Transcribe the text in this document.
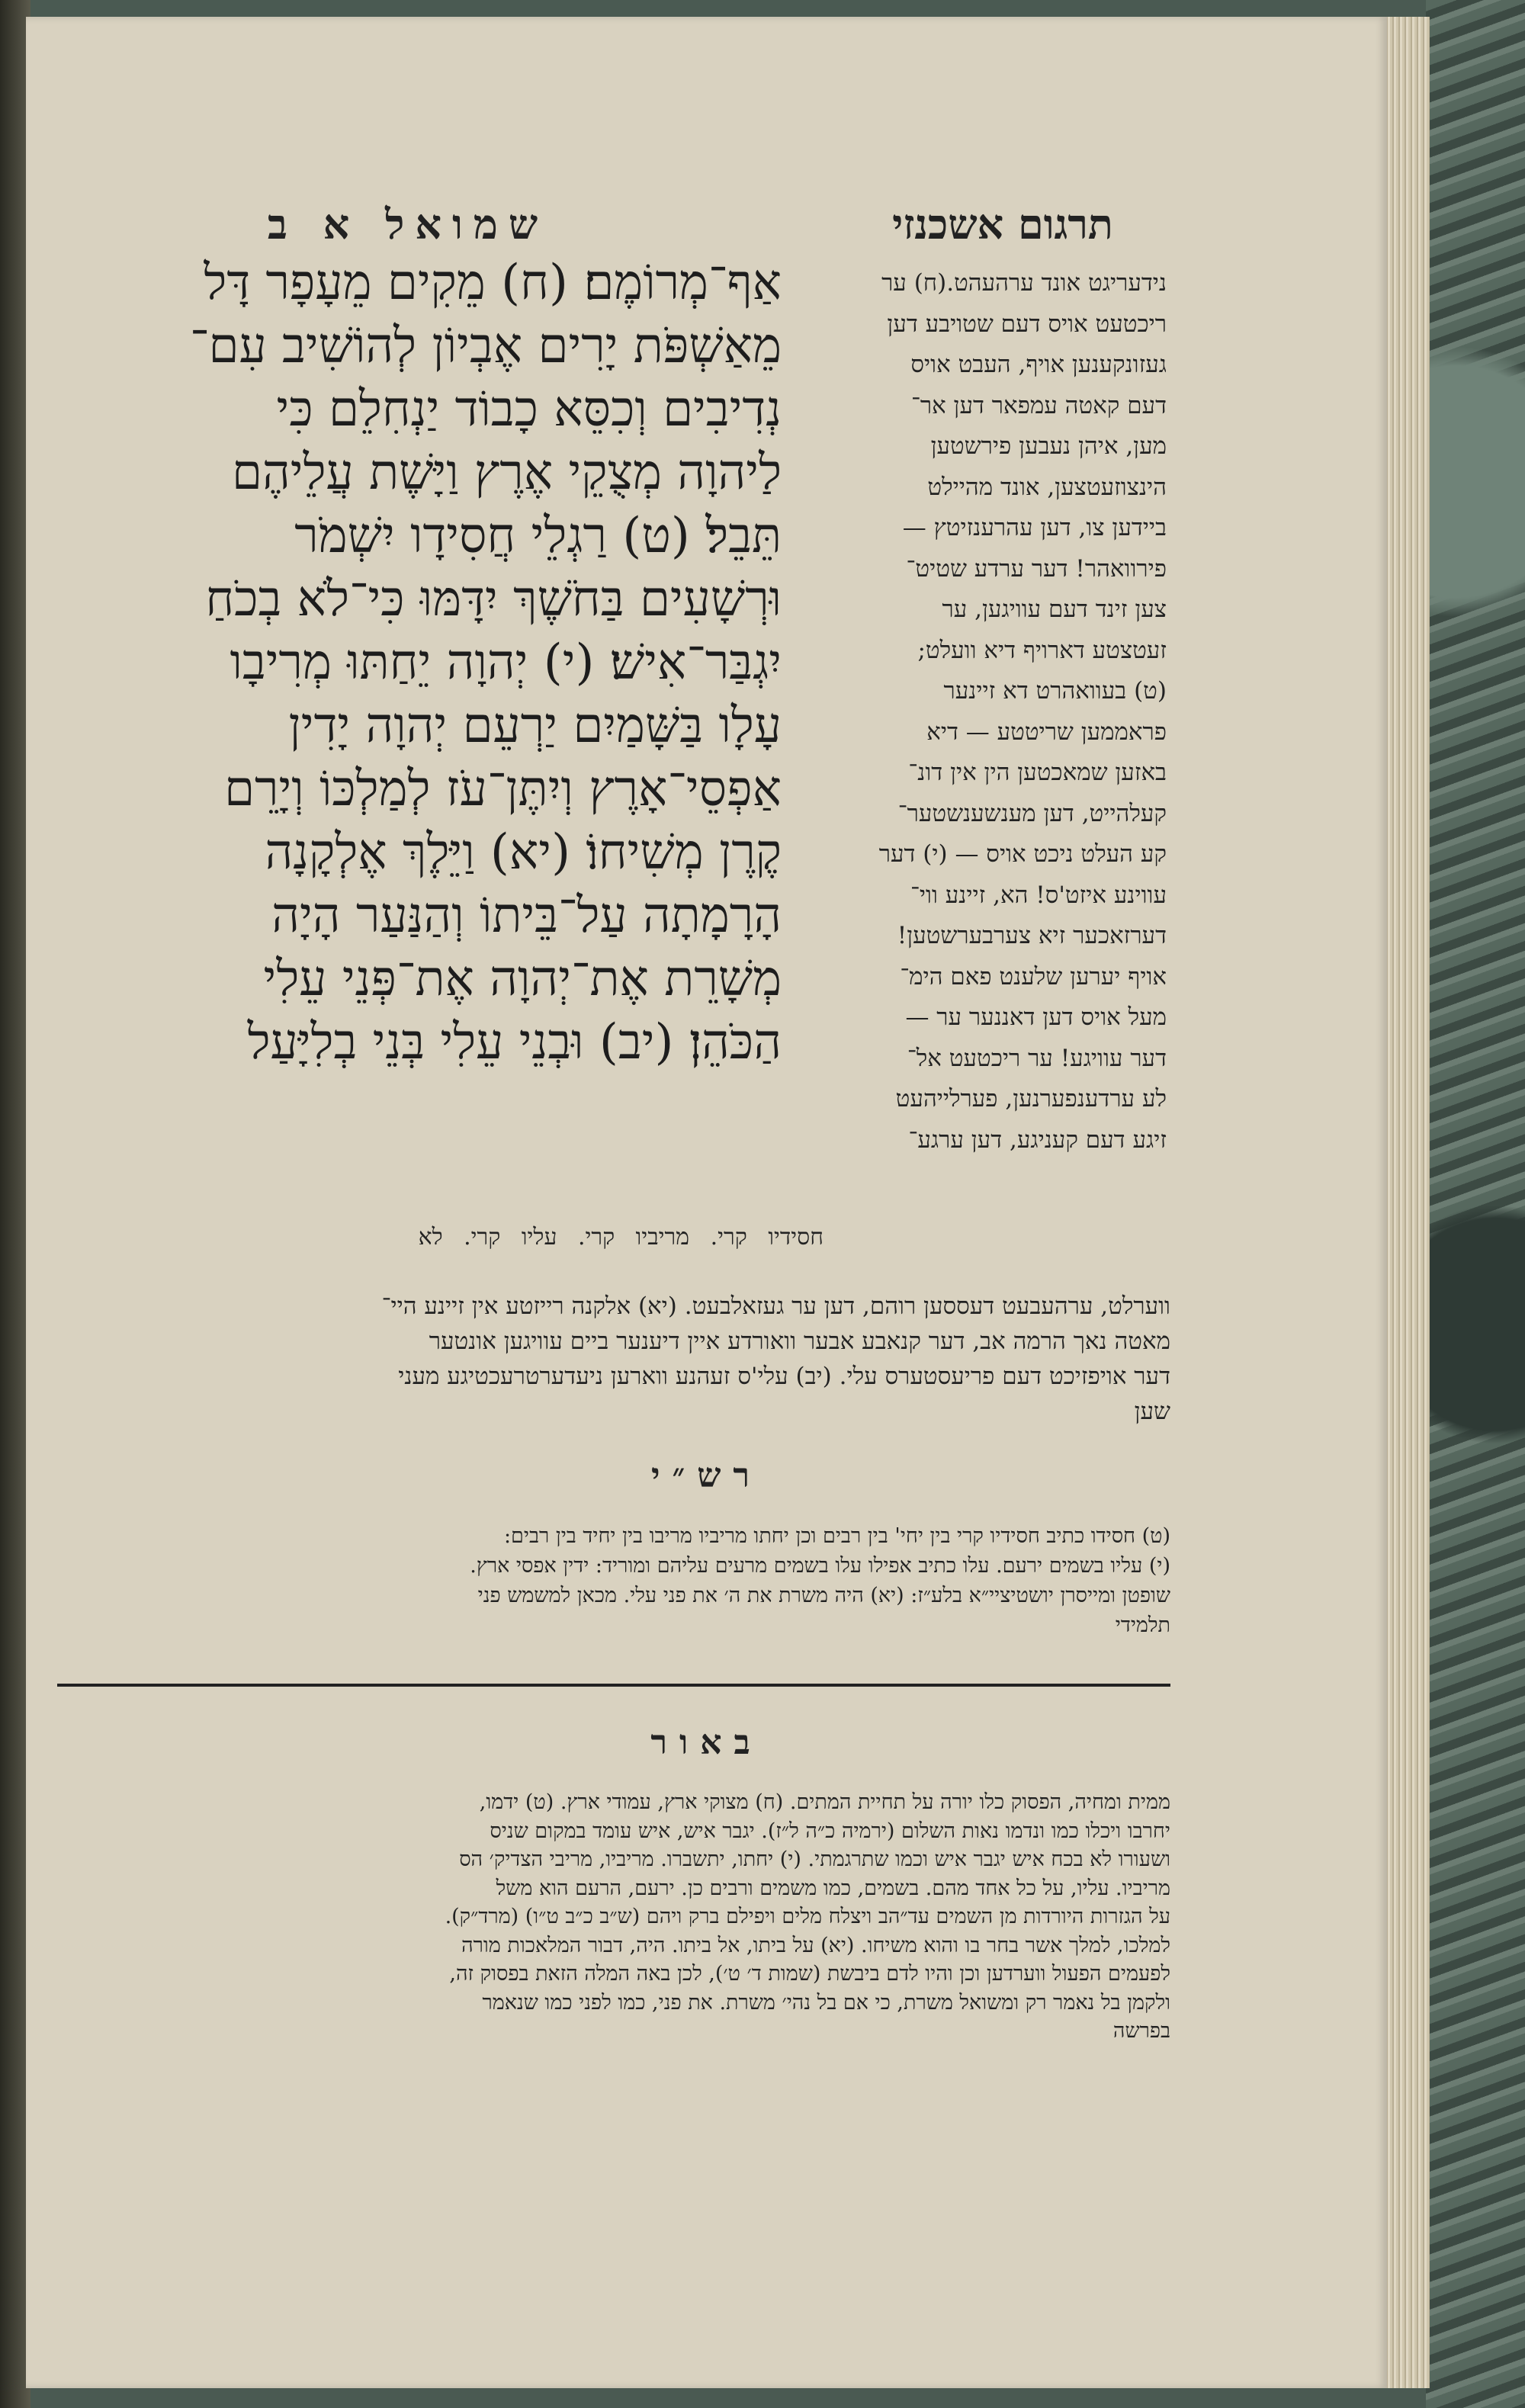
שמואל א ב	תרגום אשכנזי
אַף־מְרוֹמֶם׃ (ח) מֵקִים מֵעָפָר דָּל
מֵאַשְׁפֹּת יָרִים אֶבְיוֹן לְהוֹשִׁיב עִם־
נְדִיבִים וְכִסֵּא כָבוֹד יַנְחִלֵם כִּי
לַיהוָה מְצֻקֵי אֶרֶץ וַיָּשֶׁת עֲלֵיהֶם
תֵּבֵל׃ (ט) רַגְלֵי חֲסִידָו יִשְׁמֹר
וּרְשָׁעִים בַּחֹשֶׁךְ יִדָּמּוּ כִּי־לֹא בְכֹחַ
יִגְבַּר־אִישׁ׃ (י) יְהוָה יֵחַתּוּ מְרִיבָו
עָלָו בַּשָּׁמַיִם יַרְעֵם יְהוָה יָדִין
אַפְסֵי־אָרֶץ וְיִתֶּן־עֹז לְמַלְכּוֹ וְיָרֵם
קֶרֶן מְשִׁיחוֹ׃ (יא) וַיֵּלֶךְ אֶלְקָנָה
הָרָמָתָה עַל־בֵּיתוֹ וְהַנַּעַר הָיָה
מְשָׁרֵת אֶת־יְהוָה אֶת־פְּנֵי עֵלִי
הַכֹּהֵן׃ (יב) וּבְנֵי עֵלִי בְּנֵי בְלִיָּעַל
חסידיו קרי. מריביו קרי. עליו קרי. לא
נידעריגט אונד ערהעהט.(ח) ער
ריכטעט אויס דעם שטויבע דען
געזונקענען אויף, העבט אויס
דעם קאטה עמפאר דען אר־
מען, איהן נעבען פירשטען
הינצוזעטצען, אונד מהיילט
ביידען צו, דען עהרענזיטץ —
פירוואהר! דער ערדע שטיט־
צען זינד דעם עוויגען, ער
זעטצטע דארויף דיא וועלט;
(ט) בעוואהרט דא זיינער
פראממען שריטטע — דיא
באזען שמאכטען הין אין דונ־
קעלהייט, דען מענשענשטער־
קע העלט ניכט אויס — (י) דער
עווינע איזט'ס! הא, זיינע ווי־
דערזאכער זיא צערבערשטען!
אויף יערען שלענט פאם הימ־
מעל אויס דען דאננער ער —
דער עוויגע! ער ריכטעט אל־
לע ערדענפערנען, פערלייהעט
זיגע דעם קעניגע, דען ערגע־
ווערלט, ערהעבעט דעססען רוהם, דען ער געזאלבעט. (יא) אלקנה רייזטע אין זיינע היי־
מאטה נאך הרמה אב, דער קנאבע אבער וואורדע איין דיענער ביים עוויגען אונטער
דער אויפזיכט דעם פריעסטערס עלי. (יב) עלי'ס זעהנע ווארען ניעדערטרעכטיגע מעני
שען
רש״י
(ט) חסידו כתיב חסידיו קרי בין יחי' בין רבים וכן יחתו מריביו מריבו בין יחיד בין רבים:
(י) עליו בשמים ירעם. עלו כתיב אפילו עלו בשמים מרעים עליהם ומוריד: ידין אפסי ארץ.
שופטן ומייסרן יושטיציי״א בלע״ז: (יא) היה משרת את ה׳ את פני עלי. מכאן למשמש פני
תלמידי
באור
ממית ומחיה, הפסוק כלו יורה על תחיית המתים. (ח) מצוקי ארץ, עמודי ארץ. (ט) ידמו,
יחרבו ויכלו כמו ונדמו נאות השלום (ירמיה כ״ה ל״ז). יגבר איש, איש עומד במקום שניס
ושעורו לא בכח איש יגבר איש וכמו שתרגמתי. (י) יחתו, יתשברו. מריביו, מריבי הצדיק׳ הס
מריביו. עליו, על כל אחד מהם. בשמים, כמו משמים ורבים כן. ירעם, הרעם הוא משל
על הגזרות היורדות מן השמים עד״הב ויצלח מלים ויפילם ברק ויהם (ש״ב כ״ב ט״ו) (מרד״ק).
למלכו, למלך אשר בחר בו והוא משיחו. (יא) על ביתו, אל ביתו. היה, דבור המלאכות מורה
לפעמים הפעול ווערדען וכן והיו לדם ביבשת (שמות ד׳ ט׳), לכן באה המלה הזאת בפסוק זה,
ולקמן בל נאמר רק ומשואל משרת, כי אם בל נהי׳ משרת. את פני, כמו לפני כמו שנאמר
בפרשה
